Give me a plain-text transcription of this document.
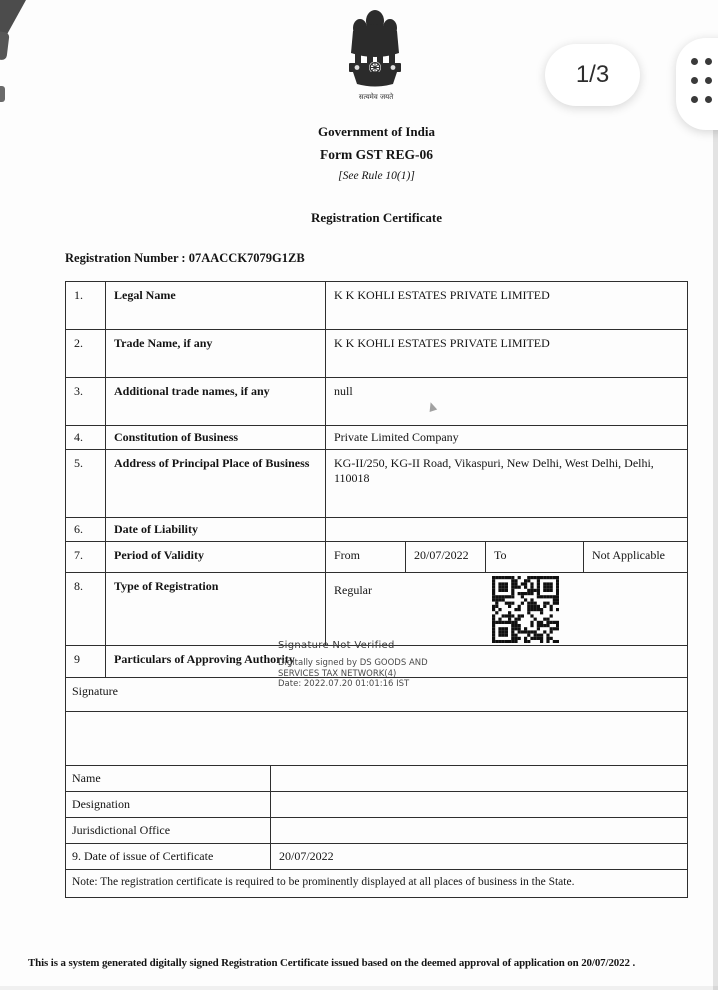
1/3
सत्यमेव जयते
Government of India
Form GST REG-06
[See Rule 10(1)]
Registration Certificate
Registration Number : 07AACCK7079G1ZB
1.	Legal Name	K K KOHLI ESTATES PRIVATE LIMITED
2.	Trade Name, if any	K K KOHLI ESTATES PRIVATE LIMITED
3.	Additional trade names, if any	null
4.	Constitution of Business	Private Limited Company
5.	Address of Principal Place of Business	KG-II/250, KG-II Road, Vikaspuri, New Delhi, West Delhi, Delhi, 110018
6.	Date of Liability
7.	Period of Validity	From	20/07/2022	To	Not Applicable
8.	Type of Registration	Regular
9	Particulars of Approving Authority
Signature
Name
Designation
Jurisdictional Office
9. Date of issue of Certificate	20/07/2022
Note: The registration certificate is required to be prominently displayed at all places of business in the State.
Signature Not Verified
Digitally signed by DS GOODS AND
SERVICES TAX NETWORK(4)
Date: 2022.07.20 01:01:16 IST
This is a system generated digitally signed Registration Certificate issued based on the deemed approval of application on 20/07/2022 .
